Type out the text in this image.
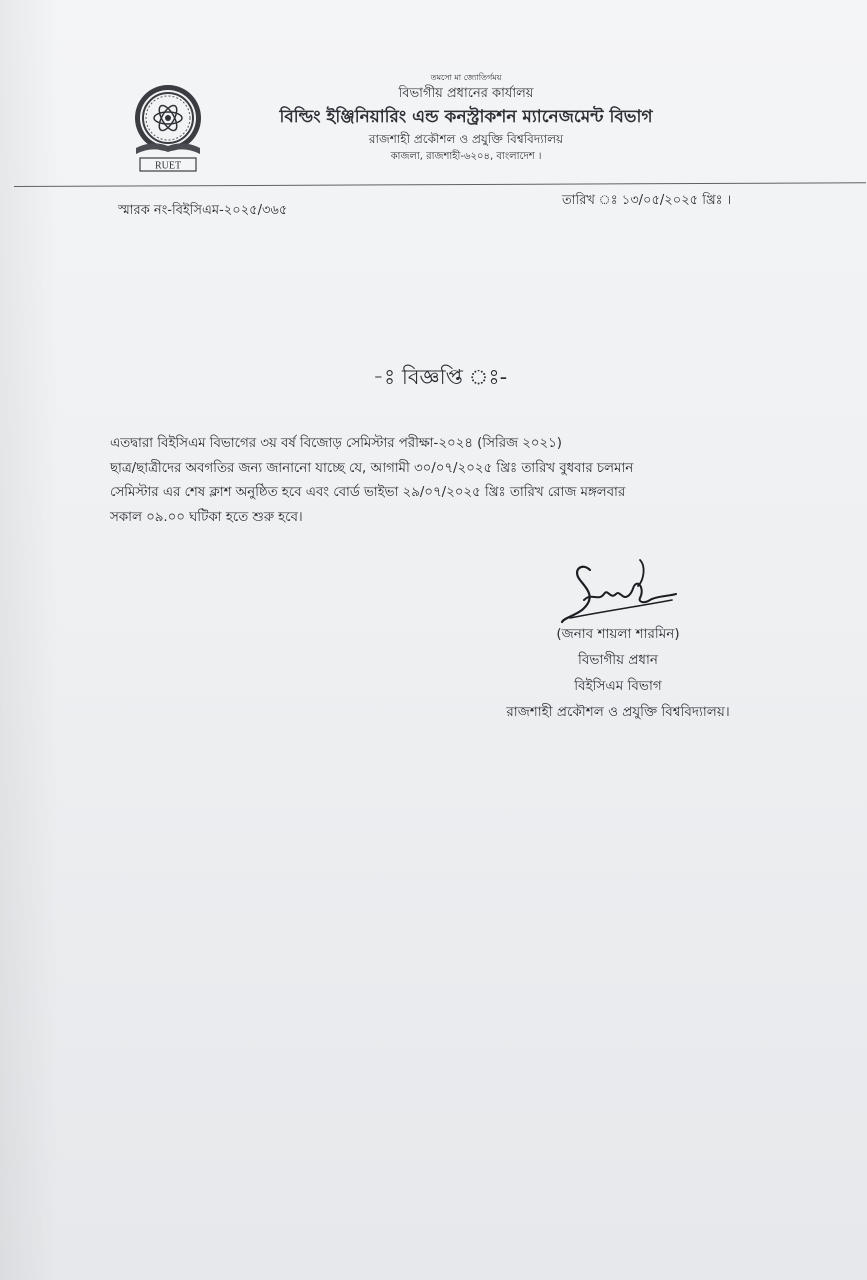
RUET
তমসো মা জ্যোতির্গময়
বিভাগীয় প্রধানের কার্যালয়
বিল্ডিং ইঞ্জিনিয়ারিং এন্ড কনস্ট্রাকশন ম্যানেজমেন্ট বিভাগ
রাজশাহী প্রকৌশল ও প্রযুক্তি বিশ্ববিদ্যালয়
কাজলা, রাজশাহী-৬২০৪, বাংলাদেশ ।
স্মারক নং-বিইসিএম-২০২৫/৩৬৫
তারিখ ঃ ১৩/০৫/২০২৫ খ্রিঃ ।
-ঃ বিজ্ঞপ্তি ঃ-
এতদ্বারা বিইসিএম বিভাগের ৩য় বর্ষ বিজোড় সেমিস্টার পরীক্ষা-২০২৪ (সিরিজ ২০২১)
ছাত্র/ছাত্রীদের অবগতির জন্য জানানো যাচ্ছে যে, আগামী ৩০/০৭/২০২৫ খ্রিঃ তারিখ বুধবার চলমান
সেমিস্টার এর শেষ ক্লাশ অনুষ্ঠিত হবে এবং বোর্ড ভাইভা ২৯/০৭/২০২৫ খ্রিঃ তারিখ রোজ মঙ্গলবার
সকাল ০৯.০০ ঘটিকা হতে শুরু হবে।
(জনাব শায়লা শারমিন)
বিভাগীয় প্রধান
বিইসিএম বিভাগ
রাজশাহী প্রকৌশল ও প্রযুক্তি বিশ্ববিদ্যালয়।
